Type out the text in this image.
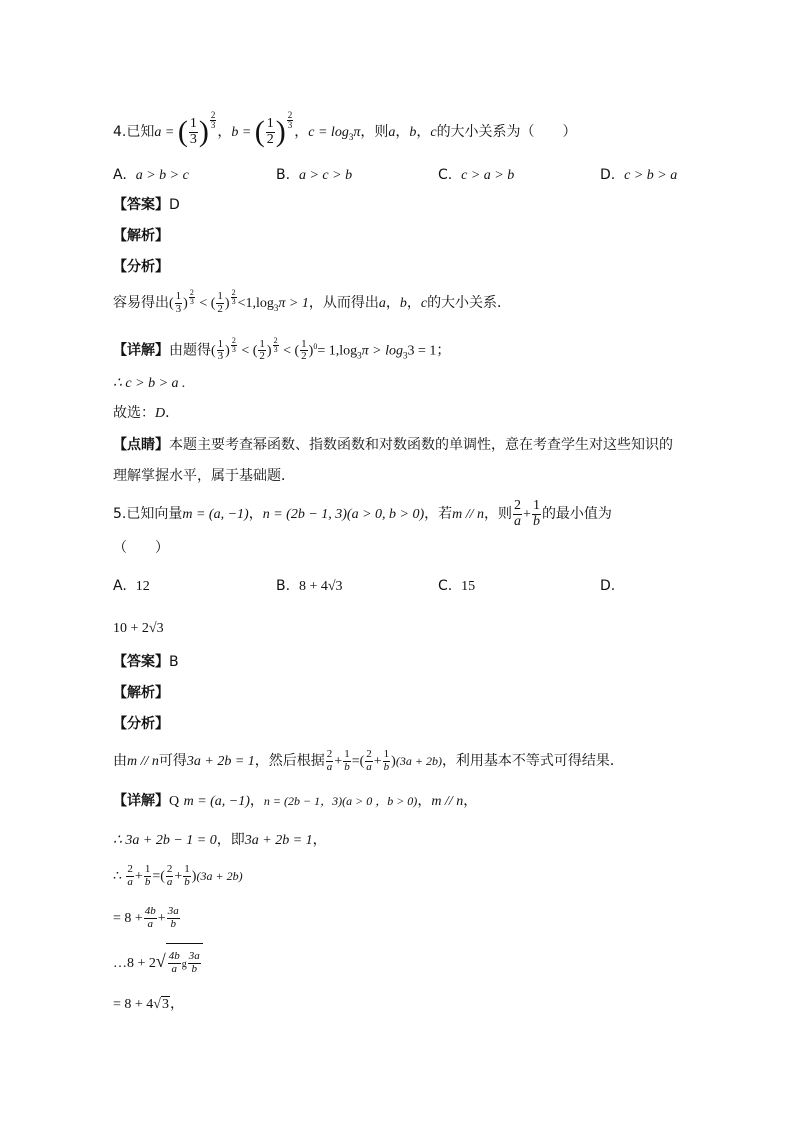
4.已知a = ( $\frac{1}{3}$ ) $\frac{2}{3}$
，b = ( $\frac{1}{2}$ ) $\frac{2}{3}$
，$c = \log_3\pi$，则a，b，c的大小关系为（　　）
A. a > b > c	B. a > c > b	C. c > a > b	D. c > b > a
【答案】D
【解析】
【分析】
容易得出( $\frac{1}{3}$ ) $\frac{2}{3}$ < ( $\frac{1}{2}$ ) $\frac{2}{3} <1,\log_3\pi > 1$，从而得出a，b，c的大小关系．
【详解】由题得( $\frac{1}{3}$ ) $\frac{2}{3}$ < ( $\frac{1}{2}$ ) $\frac{2}{3}$ < ( $\frac{1}{2} )^0= 1,\log_3\pi > \log_33 = 1$；
∴ c > b > a .
故选：D．
【点睛】本题主要考查幂函数、指数函数和对数函数的单调性，意在考查学生对这些知识的
理解掌握水平，属于基础题．
5.已知向量m = (a, −1)，n = (2b − 1, 3)(a > 0, b > 0)，若m // n，则 $\frac{2}{a} + \frac{1}{b}$ 的最小值为
（　　）
A. 12	B. 8 + 4√3	C. 15	D.
10 + 2√3
【答案】B
【解析】
【分析】
由m // n可得3a + 2b = 1，然后根据 $\frac{2}{a} + \frac{1}{b}$ =( $\frac{2}{a} + \frac{1}{b} )(3a + 2b)$，利用基本不等式可得结果．
【详解】Q m = (a, −1)，n = (2b − 1，3)(a > 0 ，b > 0)，m // n，
∴ 3a + 2b − 1 = 0，即3a + 2b = 1，
∴ $\frac{2}{a} + \frac{1}{b}$ =( $\frac{2}{a} + \frac{1}{b} )(3a + 2b)$
= $8 + \frac{4b}{a} + \frac{3a}{b}$
…8 + $2√ \frac{4b}{a}$ g $\frac{3a}{b}$
= 8 + 4√3，
